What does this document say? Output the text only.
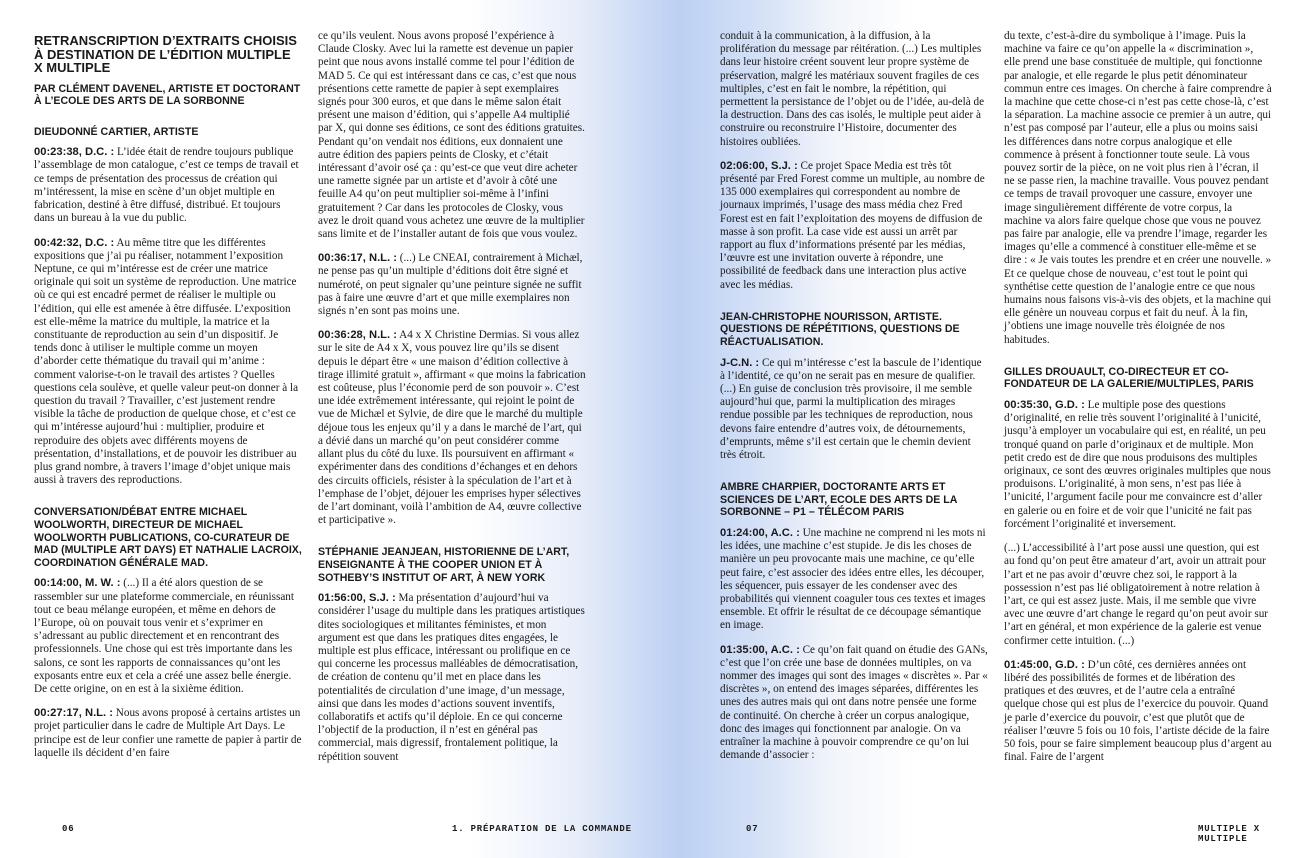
RETRANSCRIPTION D’EXTRAITS CHOISIS À DESTINATION DE L’ÉDITION MULTIPLE X MULTIPLE
PAR CLÉMENT DAVENEL, ARTISTE ET DOCTORANT À L’ECOLE DES ARTS DE LA SORBONNE
DIEUDONNÉ CARTIER, ARTISTE

00:23:38, D.C. : L’idée était de rendre toujours publique l’assemblage de mon catalogue, c’est ce temps de travail et ce temps de présentation des processus de création qui m’intéressent, la mise en scène d’un objet multiple en fabrication, destiné à être diffusé, distribué. Et toujours dans un bureau à la vue du public.

00:42:32, D.C. : Au même titre que les différentes expositions que j’ai pu réaliser, notamment l’exposition Neptune, ce qui m’intéresse est de créer une matrice originale qui soit un système de reproduction. Une matrice où ce qui est encadré permet de réaliser le multiple ou l’édition, qui elle est amenée à être diffusée. L’exposition est elle-même la matrice du multiple, la matrice et la constituante de reproduction au sein d’un dispositif. Je tends donc à utiliser le multiple comme un moyen d’aborder cette thématique du travail qui m’anime : comment valorise-t-on le travail des artistes ? Quelles questions cela soulève, et quelle valeur peut-on donner à la question du travail ? Travailler, c’est justement rendre visible la tâche de production de quelque chose, et c’est ce qui m’intéresse aujourd’hui : multiplier, produire et reproduire des objets avec différents moyens de présentation, d’installations, et de pouvoir les distribuer au plus grand nombre, à travers l’image d’objet unique mais aussi à travers des reproductions.

CONVERSATION/DÉBAT ENTRE MICHAEL WOOLWORTH, DIRECTEUR DE MICHAEL WOOLWORTH PUBLICATIONS, CO-CURATEUR DE MAD (MULTIPLE ART DAYS) ET NATHALIE LACROIX, COORDINATION GÉNÉRALE MAD.

00:14:00, M. W. : (...) Il a été alors question de se rassembler sur une plateforme commerciale, en réunissant tout ce beau mélange européen, et même en dehors de l’Europe, où on pouvait tous venir et s’exprimer en s’adressant au public directement et en rencontrant des professionnels. Une chose qui est très importante dans les salons, ce sont les rapports de connaissances qu’ont les exposants entre eux et cela a créé une assez belle énergie. De cette origine, on en est à la sixième édition.

00:27:17, N.L. : Nous avons proposé à certains artistes un projet particulier dans le cadre de Multiple Art Days. Le principe est de leur confier une ramette de papier à partir de laquelle ils décident d’en faire

ce qu’ils veulent. Nous avons proposé l’expérience à Claude Closky. Avec lui la ramette est devenue un papier peint que nous avons installé comme tel pour l’édition de MAD 5. Ce qui est intéressant dans ce cas, c’est que nous présentions cette ramette de papier à sept exemplaires signés pour 300 euros, et que dans le même salon était présent une maison d’édition, qui s’appelle A4 multiplié par X, qui donne ses éditions, ce sont des éditions gratuites. Pendant qu’on vendait nos éditions, eux donnaient une autre édition des papiers peints de Closky, et c’était intéressant d’avoir osé ça : qu’est-ce que veut dire acheter une ramette signée par un artiste et d’avoir à côté une feuille A4 qu’on peut multiplier soi-même à l’infini gratuitement ? Car dans les protocoles de Closky, vous avez le droit quand vous achetez une œuvre de la multiplier sans limite et de l’installer autant de fois que vous voulez.

00:36:17, N.L. : (...) Le CNEAI, contrairement à Michæl, ne pense pas qu’un multiple d’éditions doit être signé et numéroté, on peut signaler qu’une peinture signée ne suffit pas à faire une œuvre d’art et que mille exemplaires non signés n’en sont pas moins une.

00:36:28, N.L. : A4 x X Christine Dermias. Si vous allez sur le site de A4 x X, vous pouvez lire qu’ils se disent depuis le départ être « une maison d’édition collective à tirage illimité gratuit », affirmant « que moins la fabrication est coûteuse, plus l’économie perd de son pouvoir ». C’est une idée extrêmement intéressante, qui rejoint le point de vue de Michæl et Sylvie, de dire que le marché du multiple déjoue tous les enjeux qu’il y a dans le marché de l’art, qui a dévié dans un marché qu’on peut considérer comme allant plus du côté du luxe. Ils poursuivent en affirmant « expérimenter dans des conditions d’échanges et en dehors des circuits officiels, résister à la spéculation de l’art et à l’emphase de l’objet, déjouer les emprises hyper sélectives de l’art dominant, voilà l’ambition de A4, œuvre collective et participative ».

STÉPHANIE JEANJEAN, HISTORIENNE DE L’ART, ENSEIGNANTE À THE COOPER UNION ET À SOTHEBY’S INSTITUT OF ART, À NEW YORK

01:56:00, S.J. : Ma présentation d’aujourd’hui va considérer l’usage du multiple dans les pratiques artistiques dites sociologiques et militantes féministes, et mon argument est que dans les pratiques dites engagées, le multiple est plus efficace, intéressant ou prolifique en ce qui concerne les processus malléables de démocratisation, de création de contenu qu’il met en place dans les potentialités de circulation d’une image, d’un message, ainsi que dans les modes d’actions souvent inventifs, collaboratifs et actifs qu’il déploie. En ce qui concerne l’objectif de la production, il n’est en général pas commercial, mais digressif, frontalement politique, la répétition souvent

conduit à la communication, à la diffusion, à la prolifération du message par réitération. (...) Les multiples dans leur histoire créent souvent leur propre système de préservation, malgré les matériaux souvent fragiles de ces multiples, c’est en fait le nombre, la répétition, qui permettent la persistance de l’objet ou de l’idée, au-delà de la destruction. Dans des cas isolés, le multiple peut aider à construire ou reconstruire l’Histoire, documenter des histoires oubliées.

02:06:00, S.J. : Ce projet Space Media est très tôt présenté par Fred Forest comme un multiple, au nombre de 135 000 exemplaires qui correspondent au nombre de journaux imprimés, l’usage des mass média chez Fred Forest est en fait l’exploitation des moyens de diffusion de masse à son profit. La case vide est aussi un arrêt par rapport au flux d’informations présenté par les médias, l’œuvre est une invitation ouverte à répondre, une possibilité de feedback dans une interaction plus active avec les médias.

JEAN-CHRISTOPHE NOURISSON, ARTISTE. QUESTIONS DE RÉPÉTITIONS, QUESTIONS DE RÉACTUALISATION.

J-C.N. : Ce qui m’intéresse c’est la bascule de l’identique à l’identité, ce qu’on ne serait pas en mesure de qualifier. (...) En guise de conclusion très provisoire, il me semble aujourd’hui que, parmi la multiplication des mirages rendue possible par les techniques de reproduction, nous devons faire entendre d’autres voix, de détournements, d’emprunts, même s’il est certain que le chemin devient très étroit.

AMBRE CHARPIER, DOCTORANTE ARTS ET SCIENCES DE L’ART, ECOLE DES ARTS DE LA SORBONNE – P1 – TÉLÉCOM PARIS

01:24:00, A.C. : Une machine ne comprend ni les mots ni les idées, une machine c’est stupide. Je dis les choses de manière un peu provocante mais une machine, ce qu’elle peut faire, c’est associer des idées entre elles, les découper, les séquencer, puis essayer de les condenser avec des probabilités qui viennent coaguler tous ces textes et images ensemble. Et offrir le résultat de ce découpage sémantique en image.

01:35:00, A.C. : Ce qu’on fait quand on étudie des GANs, c’est que l’on crée une base de données multiples, on va nommer des images qui sont des images « discrètes ». Par « discrètes », on entend des images séparées, différentes les unes des autres mais qui ont dans notre pensée une forme de continuité. On cherche à créer un corpus analogique, donc des images qui fonctionnent par analogie. On va entraîner la machine à pouvoir comprendre ce qu’on lui demande d’associer :

du texte, c’est-à-dire du symbolique à l’image. Puis la machine va faire ce qu’on appelle la « discrimination », elle prend une base constituée de multiple, qui fonctionne par analogie, et elle regarde le plus petit dénominateur commun entre ces images. On cherche à faire comprendre à la machine que cette chose-ci n’est pas cette chose-là, c’est la séparation. La machine associe ce premier à un autre, qui n’est pas composé par l’auteur, elle a plus ou moins saisi les différences dans notre corpus analogique et elle commence à présent à fonctionner toute seule. Là vous pouvez sortir de la pièce, on ne voit plus rien à l’écran, il ne se passe rien, la machine travaille. Vous pouvez pendant ce temps de travail provoquer une cassure, envoyer une image singulièrement différente de votre corpus, la machine va alors faire quelque chose que vous ne pouvez pas faire par analogie, elle va prendre l’image, regarder les images qu’elle a commencé à constituer elle-même et se dire : « Je vais toutes les prendre et en créer une nouvelle. » Et ce quelque chose de nouveau, c’est tout le point qui synthétise cette question de l’analogie entre ce que nous humains nous faisons vis-à-vis des objets, et la machine qui elle génère un nouveau corpus et fait du neuf. À la fin, j’obtiens une image nouvelle très éloignée de nos habitudes.

GILLES DROUAULT, CO-DIRECTEUR ET CO-FONDATEUR DE LA GALERIE/MULTIPLES, PARIS

00:35:30, G.D. : Le multiple pose des questions d’originalité, en relie très souvent l’originalité à l’unicité, jusqu’à employer un vocabulaire qui est, en réalité, un peu tronqué quand on parle d’originaux et de multiple. Mon petit credo est de dire que nous produisons des multiples originaux, ce sont des œuvres originales multiples que nous produisons. L’originalité, à mon sens, n’est pas liée à l’unicité, l’argument facile pour me convaincre est d’aller en galerie ou en foire et de voir que l’unicité ne fait pas forcément l’originalité et inversement.

(...) L’accessibilité à l’art pose aussi une question, qui est au fond qu’on peut être amateur d’art, avoir un attrait pour l’art et ne pas avoir d’œuvre chez soi, le rapport à la possession n’est pas lié obligatoirement à notre relation à l’art, ce qui est assez juste. Mais, il me semble que vivre avec une œuvre d’art change le regard qu’on peut avoir sur l’art en général, et mon expérience de la galerie est venue confirmer cette intuition. (...)

01:45:00, G.D. : D’un côté, ces dernières années ont libéré des possibilités de formes et de libération des pratiques et des œuvres, et de l’autre cela a entraîné quelque chose qui est plus de l’exercice du pouvoir. Quand je parle d’exercice du pouvoir, c’est que plutôt que de réaliser l’œuvre 5 fois ou 10 fois, l’artiste décide de la faire 50 fois, pour se faire simplement beaucoup plus d’argent au final. Faire de l’argent

06	1. PRÉPARATION DE LA COMMANDE	07	MULTIPLE X MULTIPLE
